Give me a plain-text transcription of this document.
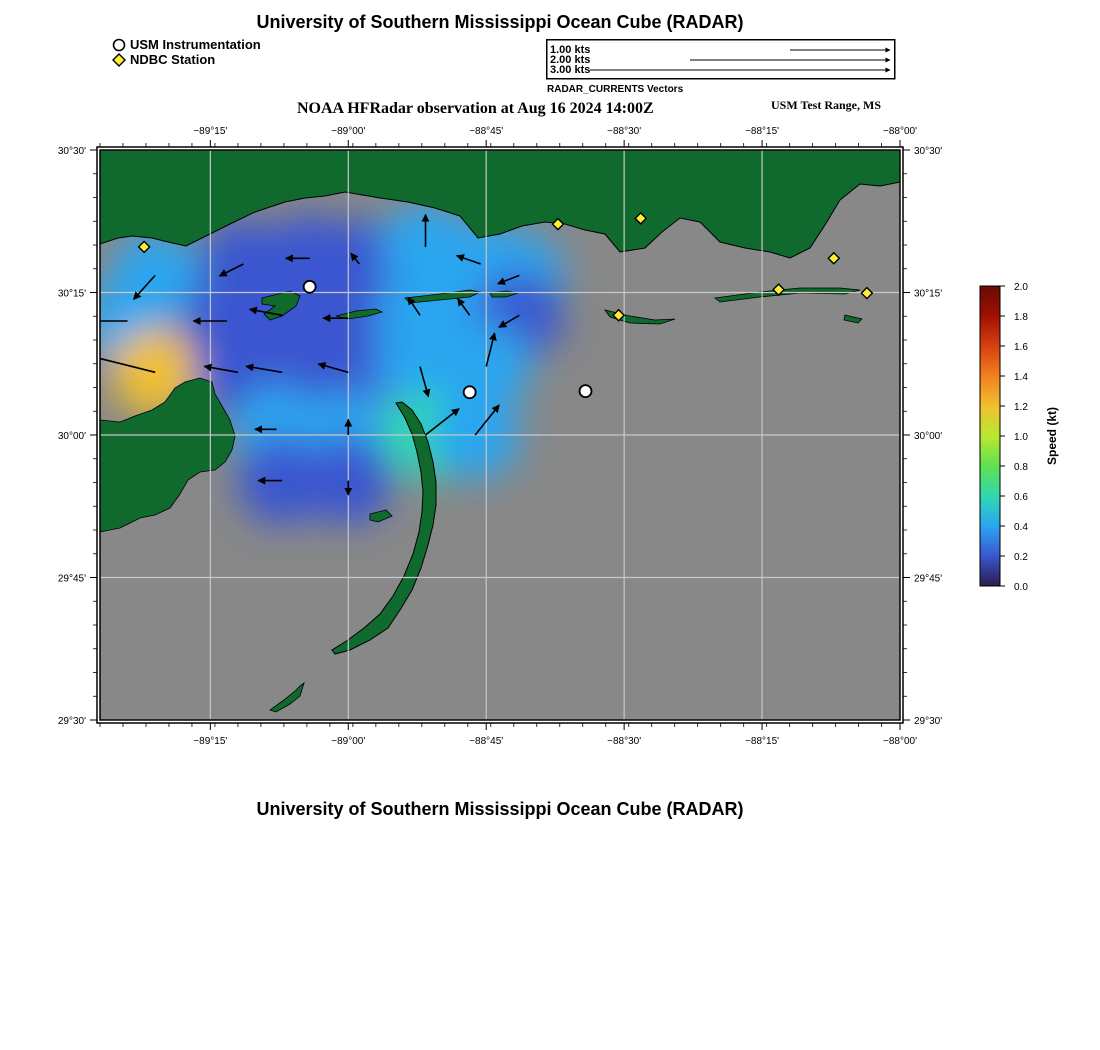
University of Southern Mississippi Ocean Cube (RADAR)
USM Instrumentation
NDBC Station
1.00 kts
2.00 kts
3.00 kts
RADAR_CURRENTS Vectors
NOAA HFRadar observation at Aug 16 2024 14:00Z	USM Test Range, MS
−89°15'
−89°15'
−89°00'
−89°00'
−88°45'
−88°45'
−88°30'
−88°30'
−88°15'
−88°15'
−88°00'
−88°00'
30°30'	30°30'
30°15'	30°15'
30°00'	30°00'
29°45'	29°45'
29°30'	29°30'
0.0
0.2
0.4
0.6
0.8
1.0
1.2
1.4
1.6
1.8
2.0
Speed (kt)
University of Southern Mississippi Ocean Cube (RADAR)
